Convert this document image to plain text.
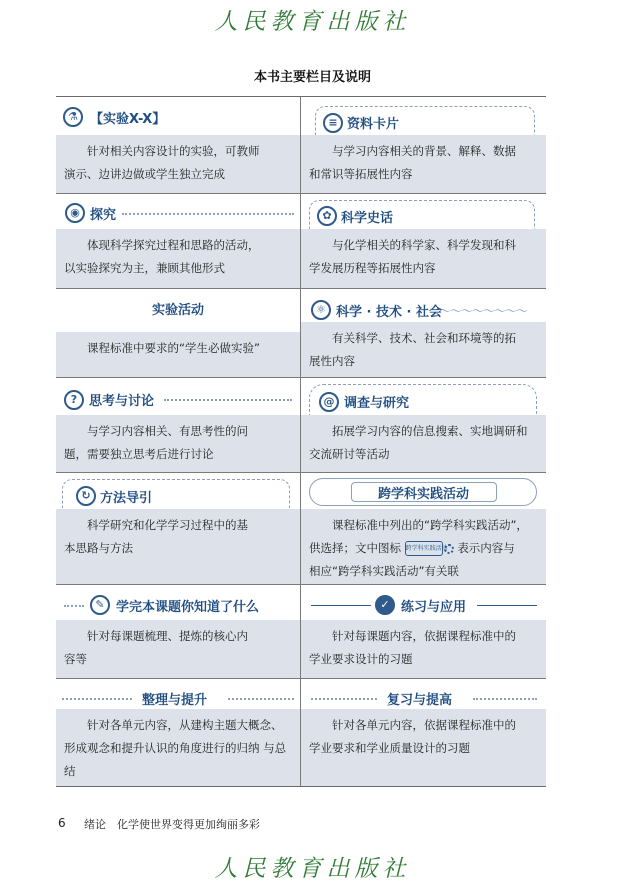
人民教育出版社
本书主要栏目及说明
⚗ 【实验X-X】
针对相关内容设计的实验，可教师
演示、边讲边做或学生独立完成
◉ 探究
体现科学探究过程和思路的活动，
以实验探究为主，兼顾其他形式
实验活动
课程标准中要求的“学生必做实验”
? 思考与讨论
与学习内容相关、有思考性的问
题，需要独立思考后进行讨论
↻ 方法导引
科学研究和化学学习过程中的基
本思路与方法
✎ 学完本课题你知道了什么
针对每课题梳理、提炼的核心内
容等
整理与提升
针对各单元内容，从建构主题大概念、
形成观念和提升认识的角度进行的归纳 与总结
≡ 资料卡片
与学习内容相关的背景、解释、数据
和常识等拓展性内容
✿ 科学史话
与化学相关的科学家、科学发现和科
学发展历程等拓展性内容
⚛ 科学 · 技术 · 社会
～～～～～～～～
有关科学、技术、社会和环境等的拓
展性内容
@ 调查与研究
拓展学习内容的信息搜索、实地调研和
交流研讨等活动
跨学科实践活动
课程标准中列出的“跨学科实践活动”，
供选择；文中图标 跨学科实践活动 表示内容与
相应“跨学科实践活动”有关联
✓ 练习与应用
针对每课题内容，依据课程标准中的
学业要求设计的习题
复习与提高
针对各单元内容，依据课程标准中的
学业要求和学业质量设计的习题
6 绪论　化学使世界变得更加绚丽多彩
人民教育出版社
